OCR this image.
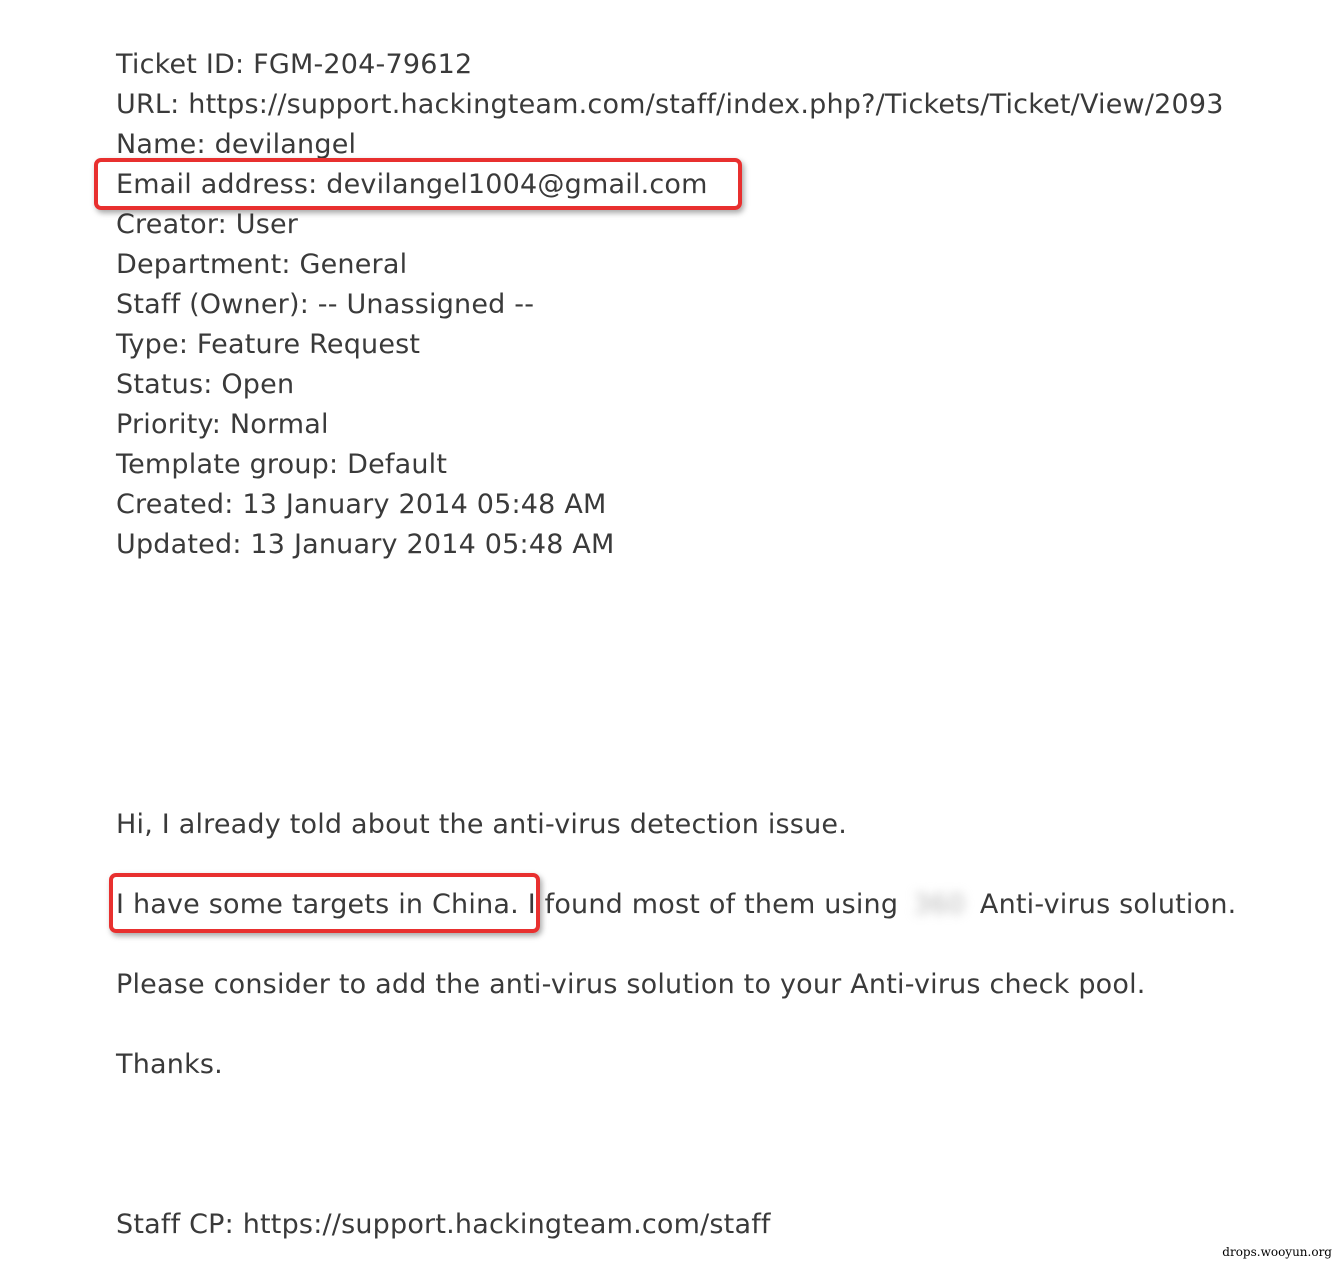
Ticket ID : FGM-204-79612
URL : https://support.hackingteam.com/staff/index.php?/Tickets/Ticket/View/2093
Name : devilangel
Email address : devilangel1004@gmail.com
Creator : User
Department : General
Staff (Owner) : -- Unassigned --
Type : Feature Request
Status : Open
Priority : Normal
Template group : Default
Created : 13 January 2014 05:48 AM
Updated : 13 January 2014 05:48 AM
Hi, I already told about the anti-virus detection issue.
I have some targets in China. I found most of them using 360 Anti-virus solution.
Please consider to add the anti-virus solution to your Anti-virus check pool.
Thanks.
Staff CP : https://support.hackingteam.com/staff
drops.wooyun.org
